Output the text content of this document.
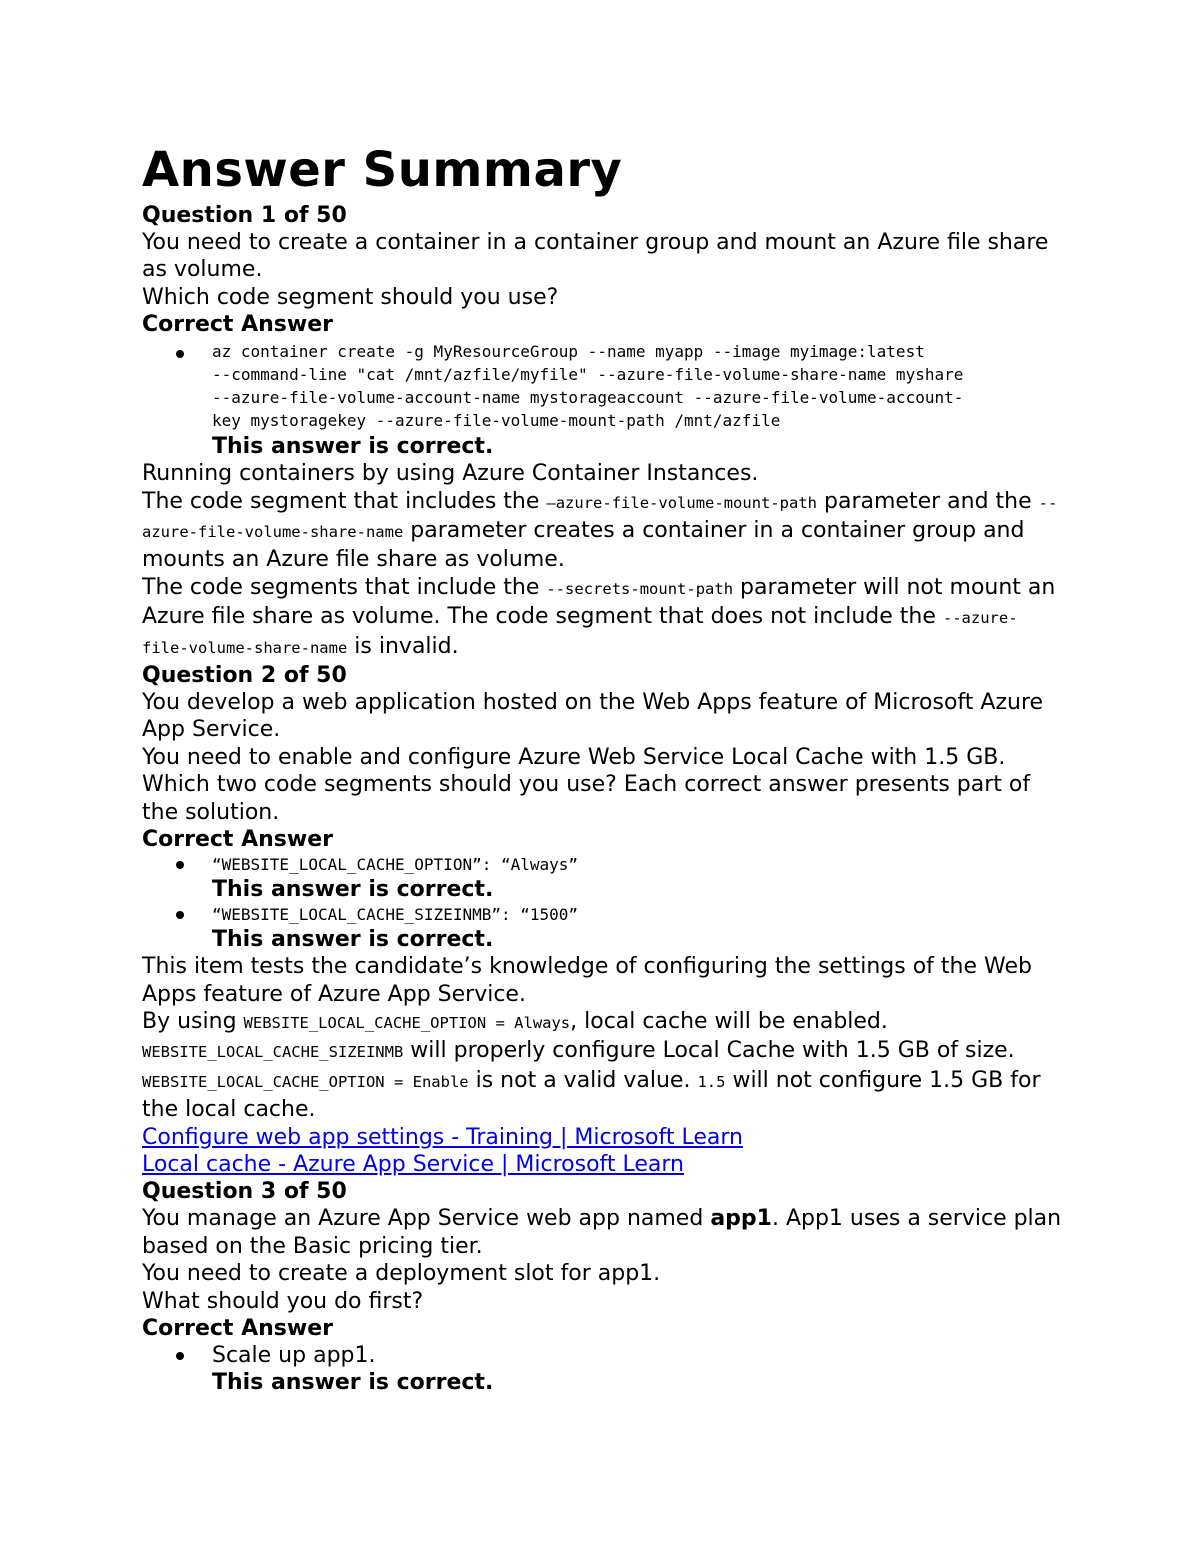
Answer Summary

Question 1 of 50

You need to create a container in a container group and mount an Azure file share as volume.

Which code segment should you use?

Correct Answer

az container create -g MyResourceGroup --name myapp --image myimage:latest

--command-line "cat /mnt/azfile/myfile" --azure-file-volume-share-name myshare

--azure-file-volume-account-name mystorageaccount --azure-file-volume-account-

key mystoragekey --azure-file-volume-mount-path /mnt/azfile

This answer is correct.

Running containers by using Azure Container Instances.

The code segment that includes the –azure-file-volume-mount-path parameter and the --azure-file-volume-share-name parameter creates a container in a container group and mounts an Azure file share as volume.

The code segments that include the --secrets-mount-path parameter will not mount an Azure file share as volume. The code segment that does not include the --azure-file-volume-share-name is invalid.

Question 2 of 50

You develop a web application hosted on the Web Apps feature of Microsoft Azure App Service.

You need to enable and configure Azure Web Service Local Cache with 1.5 GB.

Which two code segments should you use? Each correct answer presents part of the solution.

Correct Answer

“WEBSITE_LOCAL_CACHE_OPTION”: “Always”

This answer is correct.

“WEBSITE_LOCAL_CACHE_SIZEINMB”: “1500”

This answer is correct.

This item tests the candidate’s knowledge of configuring the settings of the Web Apps feature of Azure App Service.

By using WEBSITE_LOCAL_CACHE_OPTION = Always, local cache will be enabled. WEBSITE_LOCAL_CACHE_SIZEINMB will properly configure Local Cache with 1.5 GB of size. WEBSITE_LOCAL_CACHE_OPTION = Enable is not a valid value. 1.5 will not configure 1.5 GB for the local cache.

Configure web app settings - Training | Microsoft Learn
Local cache - Azure App Service | Microsoft Learn

Question 3 of 50

You manage an Azure App Service web app named app1. App1 uses a service plan based on the Basic pricing tier.

You need to create a deployment slot for app1.

What should you do first?

Correct Answer

Scale up app1.

This answer is correct.
